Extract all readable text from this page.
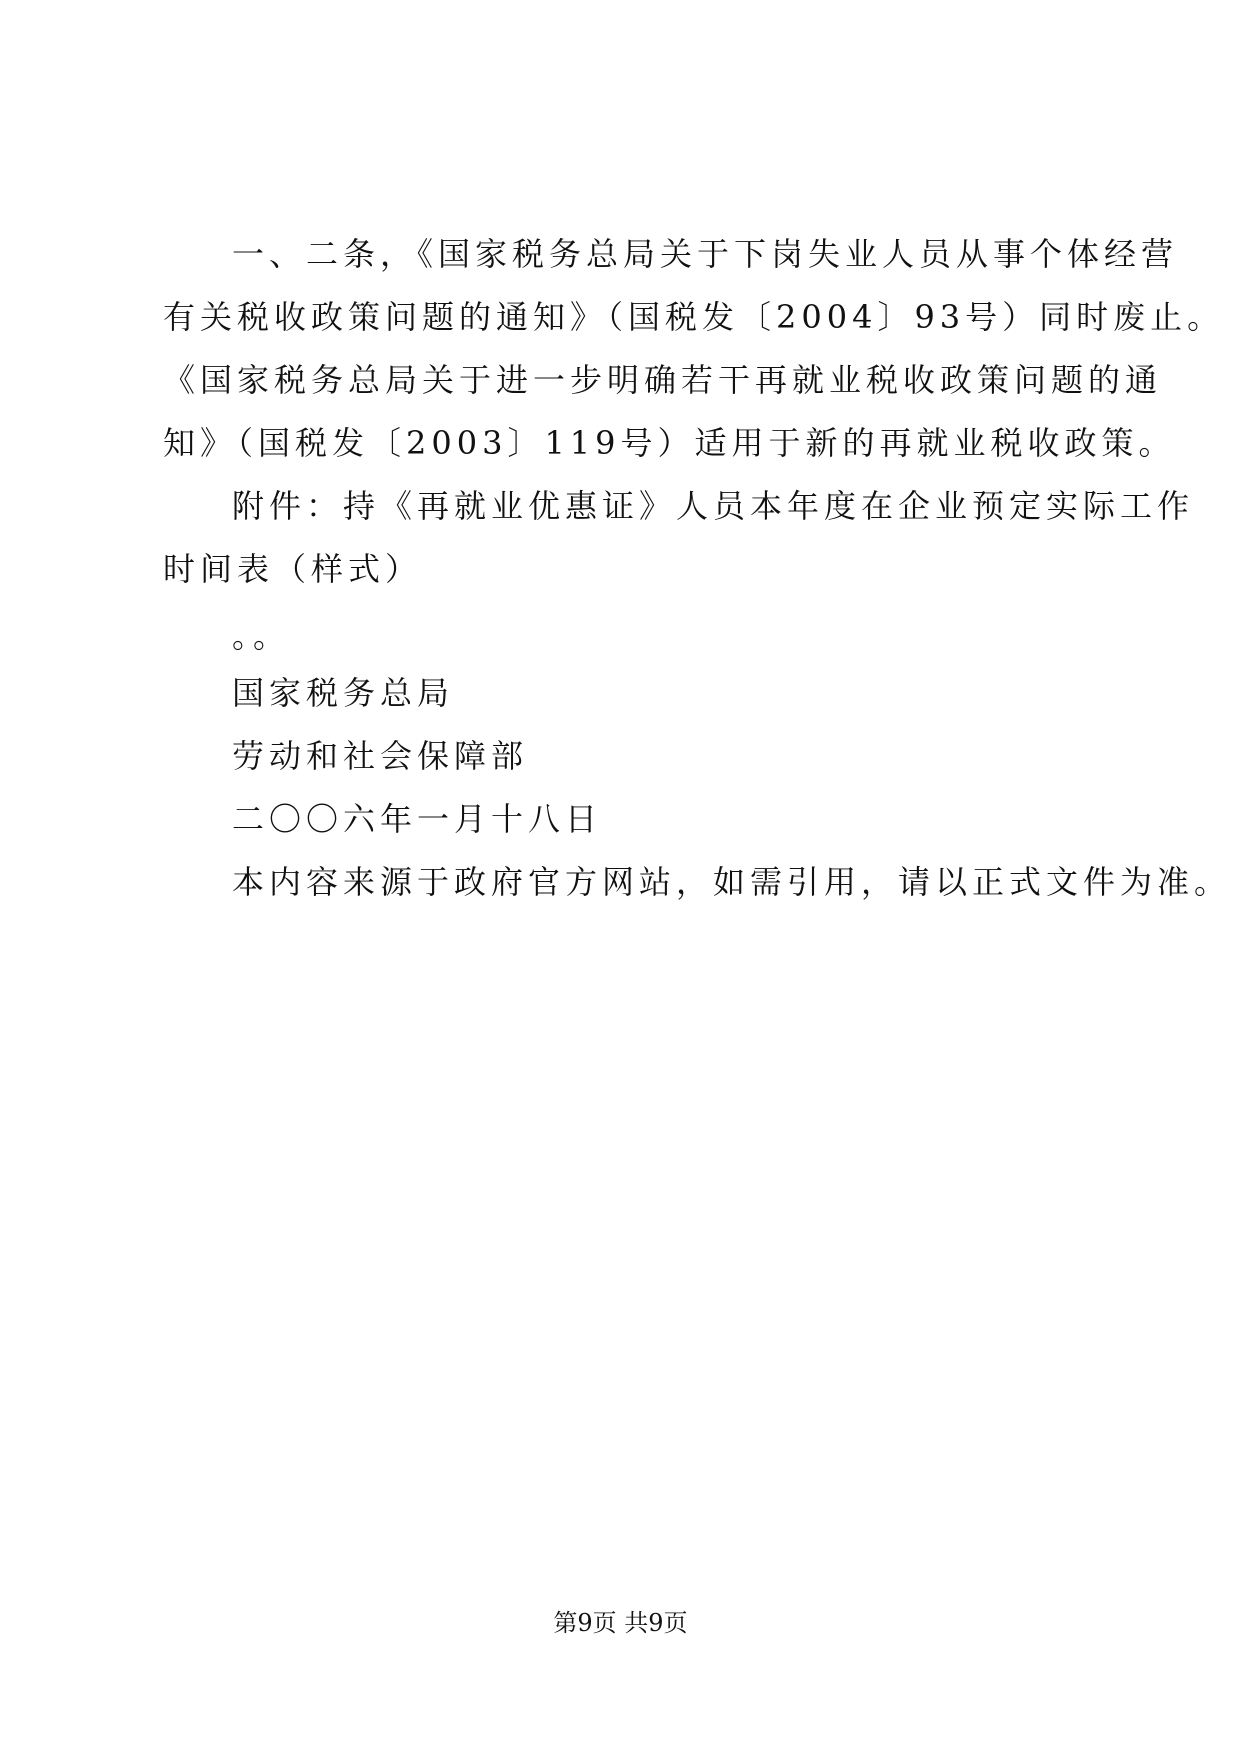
一、二条，《国家税务总局关于下岗失业人员从事个体经营
有关税收政策问题的通知》（国税发〔2004〕93号）同时废止。
《国家税务总局关于进一步明确若干再就业税收政策问题的通
知》（国税发〔2003〕119号）适用于新的再就业税收政策。
附件：持《再就业优惠证》人员本年度在企业预定实际工作
时间表（样式）
。。
国家税务总局
劳动和社会保障部
二〇〇六年一月十八日
本内容来源于政府官方网站，如需引用，请以正式文件为准。
第9页 共9页
